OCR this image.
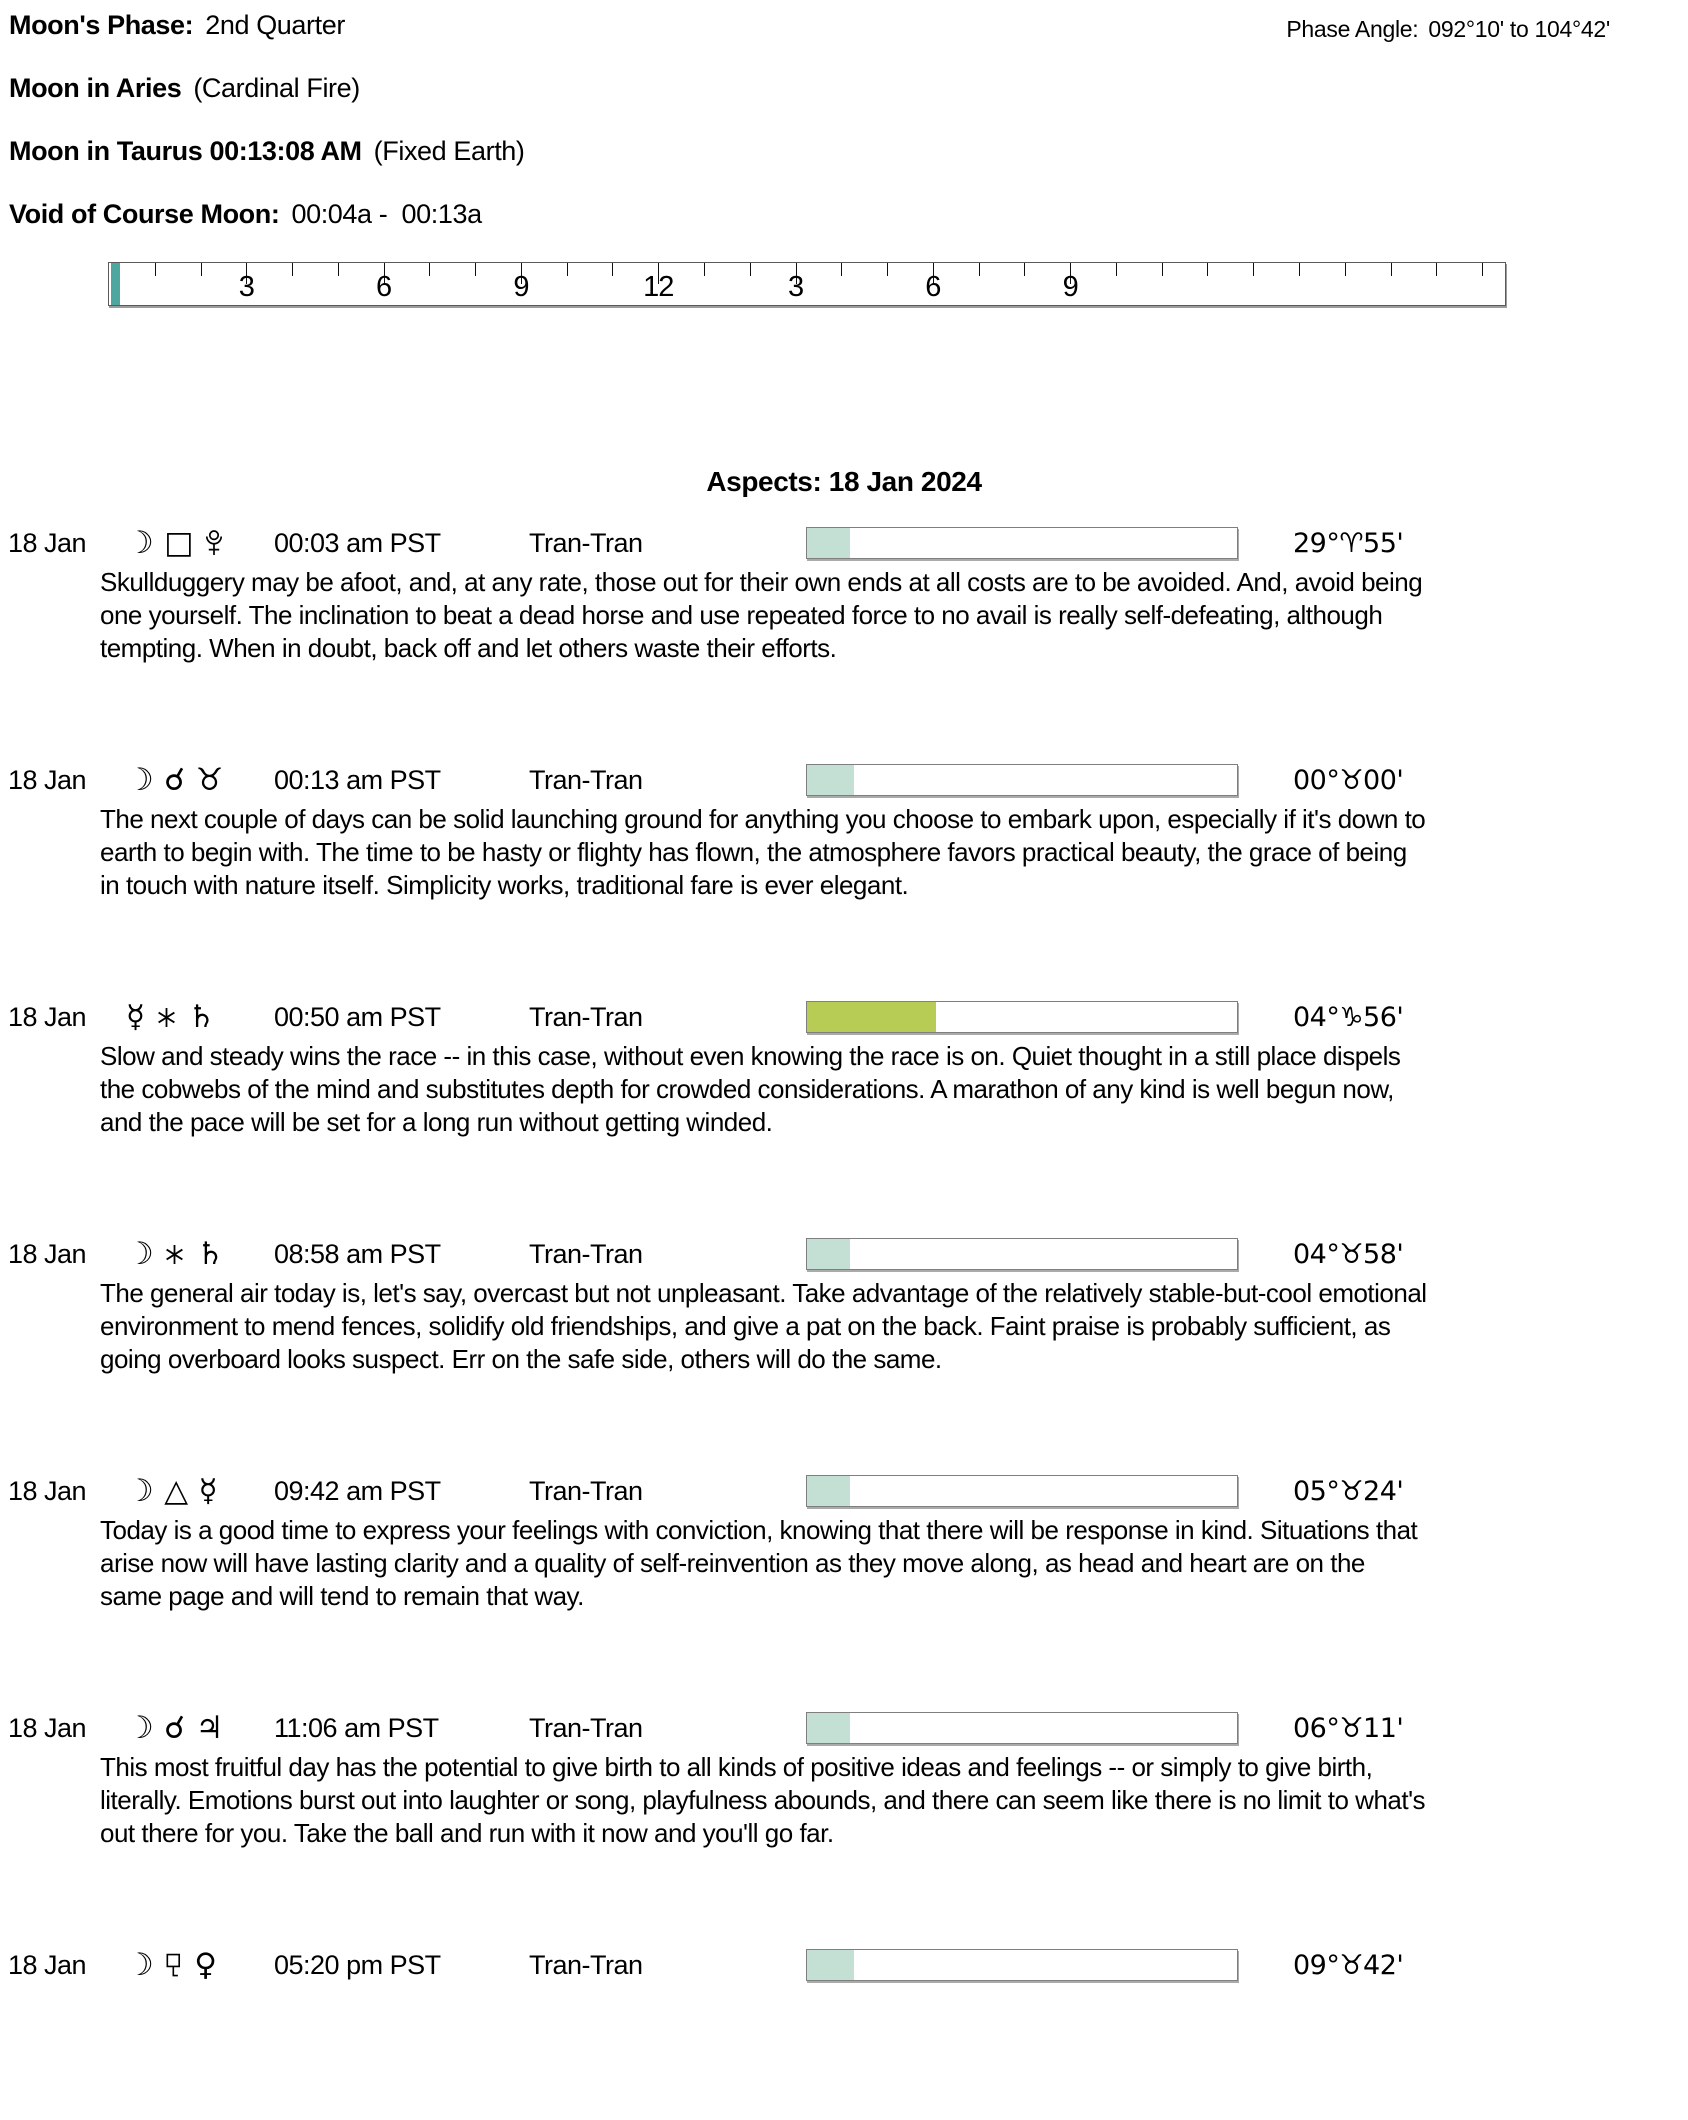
Moon's Phase: 2nd Quarter	Phase Angle: 092°10' to 104°42'
Moon in Aries (Cardinal Fire)
Moon in Taurus 00:13:08 AM (Fixed Earth)
Void of Course Moon: 00:04a -  00:13a
3	6	9	12	3	6	9
Aspects: 18 Jan 2024
18 Jan	☽ □	00:03 am PST	Tran-Tran	29°♈55'

Skullduggery may be afoot, and, at any rate, those out for their own ends at all costs are to be avoided. And, avoid being one yourself. The inclination to beat a dead horse and use repeated force to no avail is really self-defeating, although tempting. When in doubt, back off and let others waste their efforts.

18 Jan	☽ ☌ ♉ 00:13 am PST	Tran-Tran	00°♉00'

The next couple of days can be solid launching ground for anything you choose to embark upon, especially if it's down to earth to begin with. The time to be hasty or flighty has flown, the atmosphere favors practical beauty, the grace of being in touch with nature itself. Simplicity works, traditional fare is ever elegant.

18 Jan	☿ ♄ 00:50 am PST	Tran-Tran	04°♑56'

Slow and steady wins the race -- in this case, without even knowing the race is on. Quiet thought in a still place dispels the cobwebs of the mind and substitutes depth for crowded considerations. A marathon of any kind is well begun now, and the pace will be set for a long run without getting winded.

18 Jan	☽ ♄ 08:58 am PST	Tran-Tran	04°♉58'

The general air today is, let's say, overcast but not unpleasant. Take advantage of the relatively stable-but-cool emotional environment to mend fences, solidify old friendships, and give a pat on the back. Faint praise is probably sufficient, as going overboard looks suspect. Err on the safe side, others will do the same.

18 Jan	☽ △ ☿ 09:42 am PST	Tran-Tran	05°♉24'

Today is a good time to express your feelings with conviction, knowing that there will be response in kind. Situations that arise now will have lasting clarity and a quality of self-reinvention as they move along, as head and heart are on the same page and will tend to remain that way.

18 Jan	☽ ☌ ♃ 11:06 am PST	Tran-Tran	06°♉11'

This most fruitful day has the potential to give birth to all kinds of positive ideas and feelings -- or simply to give birth, literally. Emotions burst out into laughter or song, playfulness abounds, and there can seem like there is no limit to what's out there for you. Take the ball and run with it now and you'll go far.

18 Jan	☽ ♀ 05:20 pm PST	Tran-Tran	09°♉42'
